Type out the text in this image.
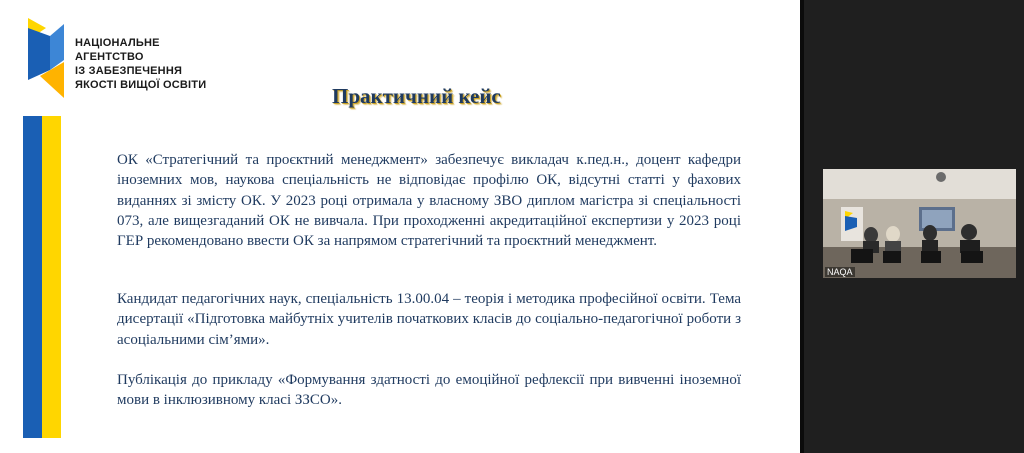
НАЦІОНАЛЬНЕ
АГЕНТСТВО
ІЗ ЗАБЕЗПЕЧЕННЯ
ЯКОСТІ ВИЩОЇ ОСВІТИ	Практичний кейс
ОК «Стратегічний та проєктний менеджмент» забезпечує викладач к.пед.н., доцент кафедри іноземних мов, наукова спеціальність не відповідає профілю ОК, відсутні статті у фахових виданнях зі змісту ОК. У 2023 році отримала у власному ЗВО диплом магістра зі спеціальності 073, але вищезгаданий ОК не вивчала. При проходженні акредитаційної експертизи у 2023 році ГЕР рекомендовано ввести ОК за напрямом стратегічний та проєктний менеджмент.
Кандидат педагогічних наук, спеціальність 13.00.04 – теорія і методика професійної освіти. Тема дисертації «Підготовка майбутніх учителів початкових класів до соціально-педагогічної роботи з асоціальними сім’ями».
Публікація до прикладу «Формування здатності до емоційної рефлексії при вивченні іноземної мови в інклюзивному класі ЗЗСО».
NAQA
